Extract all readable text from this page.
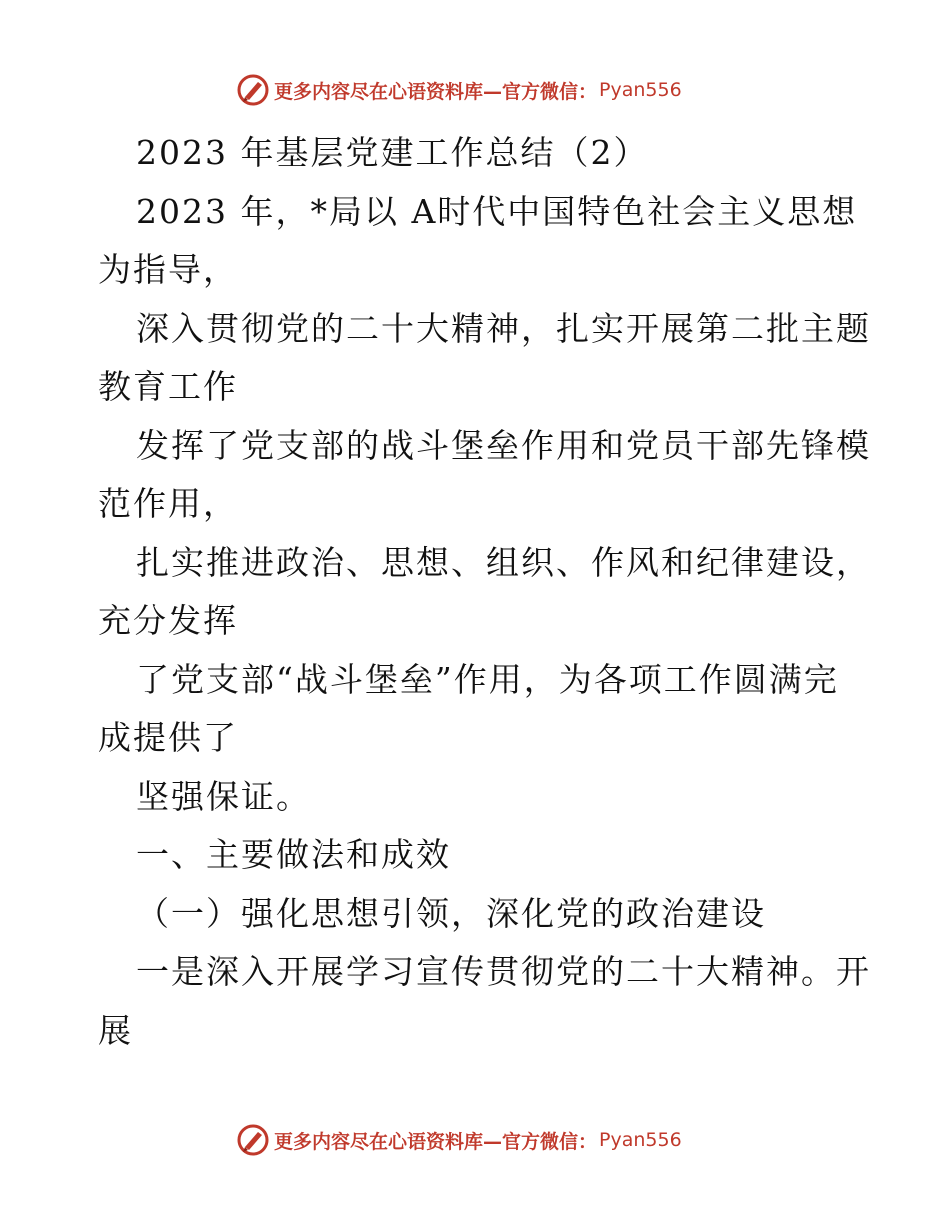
更多内容尽在心语资料库—官方微信： Pyan556
2023 年基层党建工作总结（2）
2023 年，*局以 A时代中国特色社会主义思想
为指导，
深入贯彻党的二十大精神，扎实开展第二批主题
教育工作
发挥了党支部的战斗堡垒作用和党员干部先锋模
范作用，
扎实推进政治、思想、组织、作风和纪律建设，
充分发挥
了党支部“战斗堡垒”作用，为各项工作圆满完
成提供了
坚强保证。
一、主要做法和成效
（一）强化思想引领，深化党的政治建设
一是深入开展学习宣传贯彻党的二十大精神。开
展
更多内容尽在心语资料库—官方微信： Pyan556
